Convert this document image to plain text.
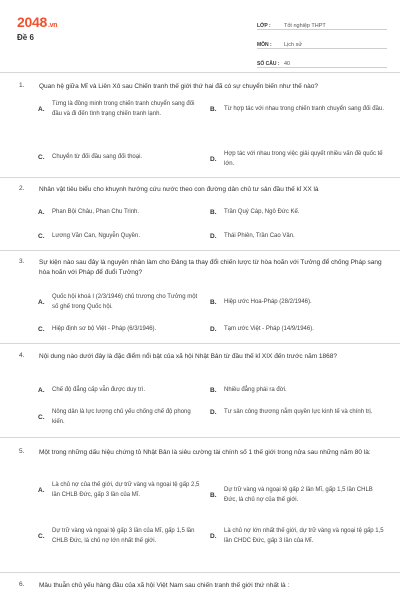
2048.vn
Đề 6
LỚP :	Tốt nghiệp THPT
MÔN :	Lịch sử
SỐ CÂU : 40
1. Quan hệ giữa Mĩ và Liên Xô sau Chiến tranh thế giới thứ hai đã có sự chuyển biến như thế nào?
A.
Từng là đồng minh trong chiến tranh chuyển sang đối đầu và đi đến tình trạng chiến tranh lạnh.
B.	Từ hợp tác với nhau trong chiến tranh chuyển sang đối đầu.
C.	Chuyển từ đối đầu sang đối thoại.	D.
Hợp tác với nhau trong việc giải quyết nhiều vấn đề quốc tế lớn.
2. Nhân vật tiêu biểu cho khuynh hướng cứu nước theo con đường dân chủ tư sản đầu thế kỉ XX là
A.	Phan Bội Châu, Phan Chu Trinh.	B.	Trần Quý Cáp, Ngô Đức Kế.
C.	Lương Văn Can, Nguyễn Quyền.	D.	Thái Phiên, Trần Cao Vân.
3. Sự kiện nào sau đây là nguyên nhân làm cho Đảng ta thay đổi chiến lược từ hòa hoãn với Tưởng để chống Pháp sang hòa hoãn với Pháp để đuổi Tưởng?
A.
Quốc hội khoá I (2/3/1946) chủ trương cho Tưởng một số ghế trong Quốc hội.
B.	Hiệp ước Hoa-Pháp (28/2/1946).
C.	Hiệp định sơ bộ Việt - Pháp (6/3/1946).	D.	Tạm ước Việt - Pháp (14/9/1946).
4. Nội dung nào dưới đây là đặc điểm nổi bật của xã hội Nhật Bản từ đầu thế kỉ XIX đến trước năm 1868?
A.	Chế độ đẳng cấp vẫn được duy trì.	B.	Nhiều đẳng phái ra đời.
C.
Nông dân là lực lượng chủ yếu chống chế độ phong kiến.
D.	Tư sản công thương nắm quyền lực kinh tế và chính trị.
5. Một trong những dấu hiệu chứng tỏ Nhật Bản là siêu cường tài chính số 1 thế giới trong nửa sau những năm 80 là:
A.
Là chủ nợ của thế giới, dự trữ vàng và ngoại tệ gấp 2,5 lần CHLB Đức, gấp 3 lần của Mĩ.	B.
Dự trữ vàng và ngoại tệ gấp 2 lần Mĩ, gấp 1,5 lần CHLB Đức, là chủ nợ của thế giới.
C.
Dự trữ vàng và ngoại tệ gấp 3 lần của Mĩ, gấp 1,5 lần CHLB Đức, là chủ nợ lớn nhất thế giới.
D.
Là chủ nợ lớn nhất thế giới, dự trữ vàng và ngoại tệ gấp 1,5 lần CHDC Đức, gấp 3 lần của Mĩ.
6. Mâu thuẫn chủ yếu hàng đầu của xã hội Việt Nam sau chiến tranh thế giới thứ nhất là :
